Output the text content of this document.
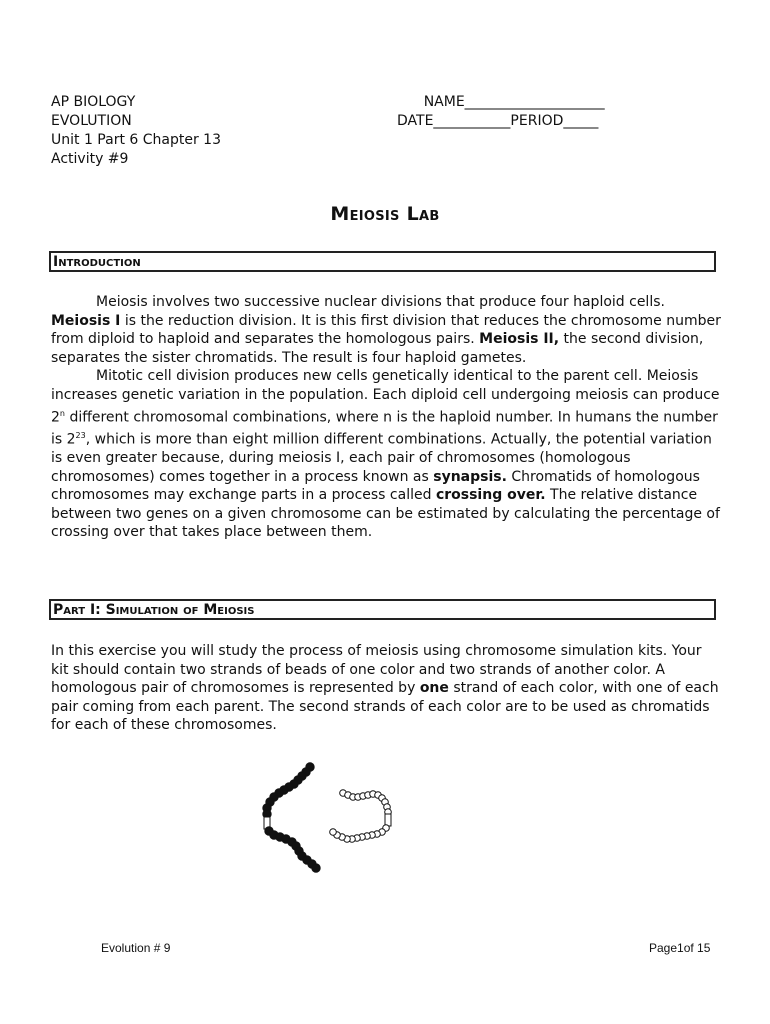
AP BIOLOGY
EVOLUTION
Unit 1 Part 6 Chapter 13
Activity #9
NAME____________________
DATE___________PERIOD_____
Meiosis Lab
Introduction

Meiosis involves two successive nuclear divisions that produce four haploid cells. Meiosis I is the reduction division. It is this first division that reduces the chromosome number from diploid to haploid and separates the homologous pairs. Meiosis II, the second division, separates the sister chromatids. The result is four haploid gametes.

Mitotic cell division produces new cells genetically identical to the parent cell. Meiosis increases genetic variation in the population. Each diploid cell undergoing meiosis can produce 2$^n$ different chromosomal combinations, where n is the haploid number. In humans the number is $2^{23}$, which is more than eight million different combinations. Actually, the potential variation is even greater because, during meiosis I, each pair of chromosomes (homologous chromosomes) comes together in a process known as synapsis. Chromatids of homologous chromosomes may exchange parts in a process called crossing over. The relative distance between two genes on a given chromosome can be estimated by calculating the percentage of crossing over that takes place between them.

Part I: Simulation of Meiosis

In this exercise you will study the process of meiosis using chromosome simulation kits. Your kit should contain two strands of beads of one color and two strands of another color. A homologous pair of chromosomes is represented by one strand of each color, with one of each pair coming from each parent. The second strands of each color are to be used as chromatids for each of these chromosomes.

Evolution # 9	Page1of 15
